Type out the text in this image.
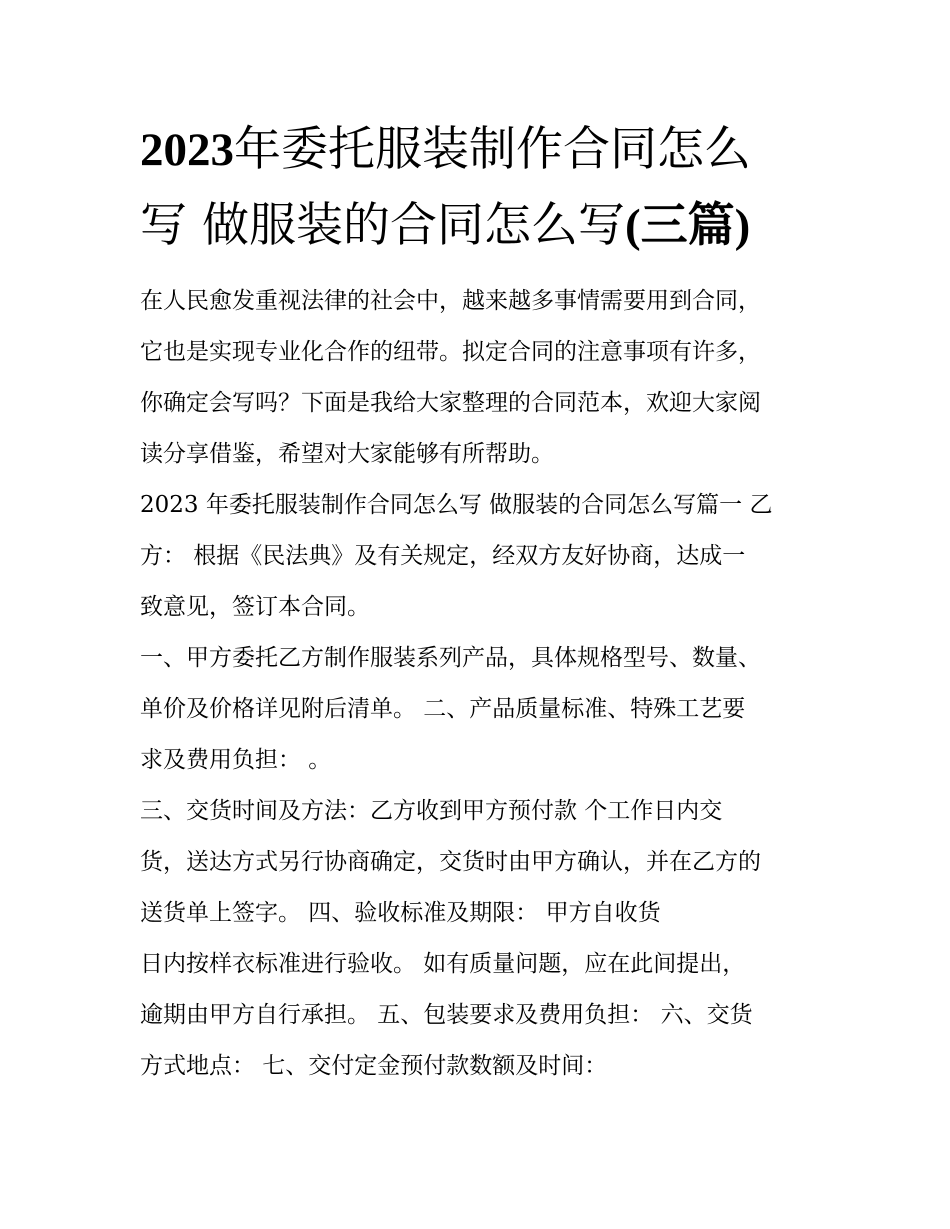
2023年委托服装制作合同怎么
写 做服装的合同怎么写(三篇)

在人民愈发重视法律的社会中，越来越多事情需要用到合同，

它也是实现专业化合作的纽带。拟定合同的注意事项有许多，

你确定会写吗？下面是我给大家整理的合同范本，欢迎大家阅

读分享借鉴，希望对大家能够有所帮助。

2023 年委托服装制作合同怎么写 做服装的合同怎么写篇一 乙

方： 根据《民法典》及有关规定，经双方友好协商，达成一

致意见，签订本合同。

一、甲方委托乙方制作服装系列产品，具体规格型号、数量、

单价及价格详见附后清单。 二、产品质量标准、特殊工艺要

求及费用负担： 。

三、交货时间及方法：乙方收到甲方预付款 个工作日内交

货，送达方式另行协商确定，交货时由甲方确认，并在乙方的

送货单上签字。 四、验收标准及期限： 甲方自收货

日内按样衣标准进行验收。 如有质量问题，应在此间提出，

逾期由甲方自行承担。 五、包装要求及费用负担： 六、交货

方式地点： 七、交付定金预付款数额及时间：
